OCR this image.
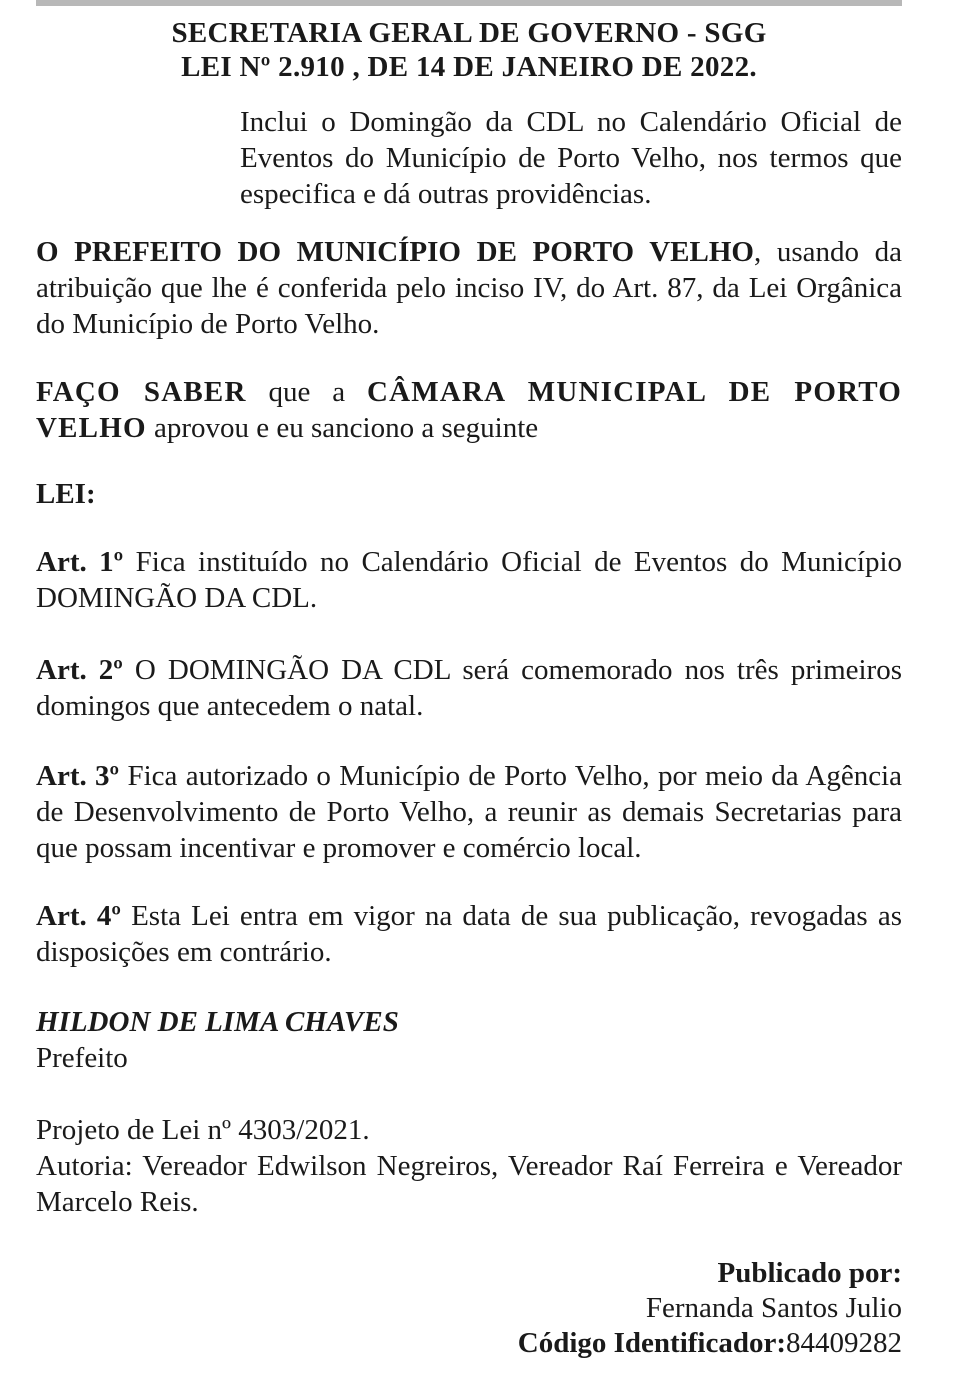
SECRETARIA GERAL DE GOVERNO - SGG
LEI Nº 2.910 , DE 14 DE JANEIRO DE 2022.

Inclui o Domingão da CDL no Calendário Oficial de Eventos do Município de Porto Velho, nos termos que especifica e dá outras providências.

O PREFEITO DO MUNICÍPIO DE PORTO VELHO, usando da atribuição que lhe é conferida pelo inciso IV, do Art. 87, da Lei Orgânica do Município de Porto Velho.

FAÇO SABER que a CÂMARA MUNICIPAL DE PORTO VELHO aprovou e eu sanciono a seguinte

LEI:

Art. 1º Fica instituído no Calendário Oficial de Eventos do Município DOMINGÃO DA CDL.

Art. 2º O DOMINGÃO DA CDL será comemorado nos três primeiros domingos que antecedem o natal.

Art. 3º Fica autorizado o Município de Porto Velho, por meio da Agência de Desenvolvimento de Porto Velho, a reunir as demais Secretarias para que possam incentivar e promover e comércio local.

Art. 4º Esta Lei entra em vigor na data de sua publicação, revogadas as disposições em contrário.

HILDON DE LIMA CHAVES
Prefeito

Projeto de Lei nº 4303/2021.

Autoria: Vereador Edwilson Negreiros, Vereador Raí Ferreira e Vereador Marcelo Reis.

Publicado por:
Fernanda Santos Julio
Código Identificador:84409282
